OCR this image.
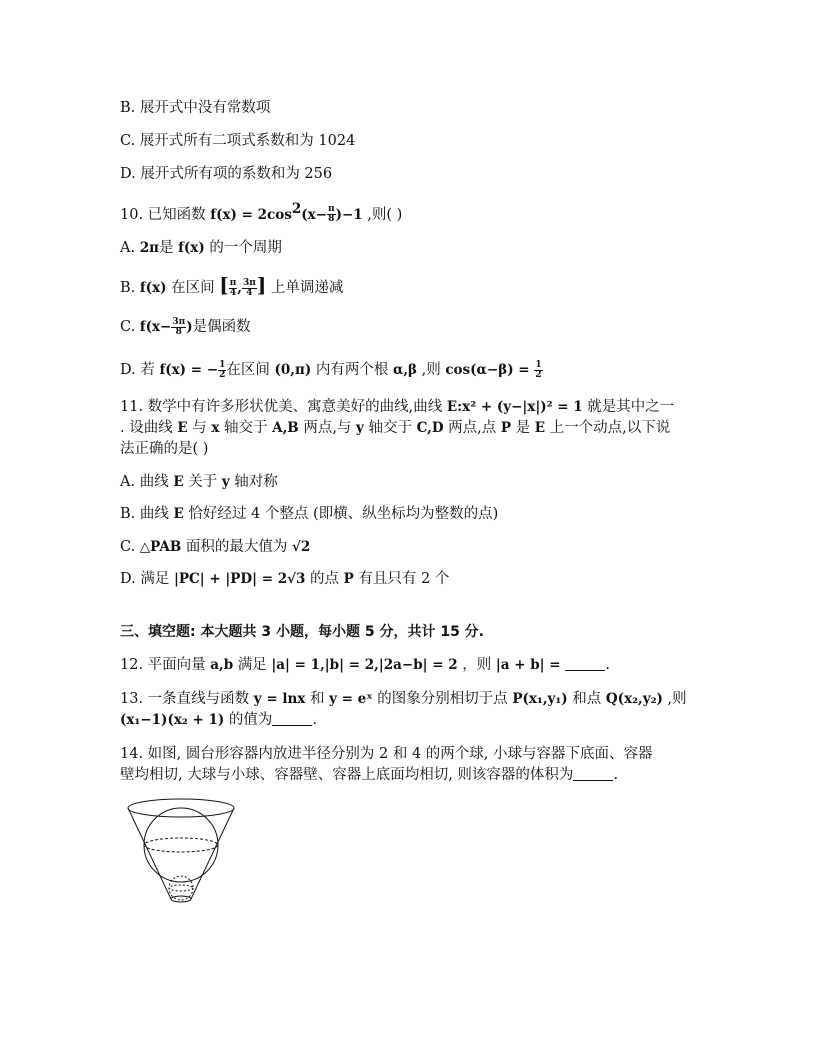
B. 展开式中没有常数项
C. 展开式所有二项式系数和为 1024
D. 展开式所有项的系数和为 256
10. 已知函数 $f(x) = 2\cos^2(x- \frac{\pi}{8} )-1$ ,则( )
A. 2π是 f(x) 的一个周期
B. f(x) 在区间 [ $\frac{\pi}{4}$ , $\frac{3\pi}{4}$ ] 上单调递减
C. $f(x- \frac{3\pi}{8}$ )是偶函数
D. 若 f(x) = − $\frac{1}{2}$ 在区间 (0,π) 内有两个根 α,β ,则 $\cos(\alpha-\beta) = \frac{1}{2}$
11. 数学中有许多形状优美、寓意美好的曲线,曲线 E:x² + (y−|x|)² = 1 就是其中之一
. 设曲线 E 与 x 轴交于 A,B 两点,与 y 轴交于 C,D 两点,点 P 是 E 上一个动点,以下说
法正确的是( )
A. 曲线 E 关于 y 轴对称
B. 曲线 E 恰好经过 4 个整点 (即横、纵坐标均为整数的点)
C. △PAB 面积的最大值为 √2
D. 满足 |PC| + |PD| = 2√3 的点 P 有且只有 2 个
三、填空题: 本大题共 3 小题，每小题 5 分，共计 15 分.
12. 平面向量 a,b 满足 |a| = 1,|b| = 2,|2a−b| = 2 ，则 |a + b| =	.
13. 一条直线与函数 y = lnx 和 y = eˣ 的图象分别相切于点 P(x₁,y₁) 和点 Q(x₂,y₂) ,则
(x₁−1)(x₂ + 1) 的值为	.
14. 如图, 圆台形容器内放进半径分别为 2 和 4 的两个球, 小球与容器下底面、容器
壁均相切, 大球与小球、容器壁、容器上底面均相切, 则该容器的体积为	.
